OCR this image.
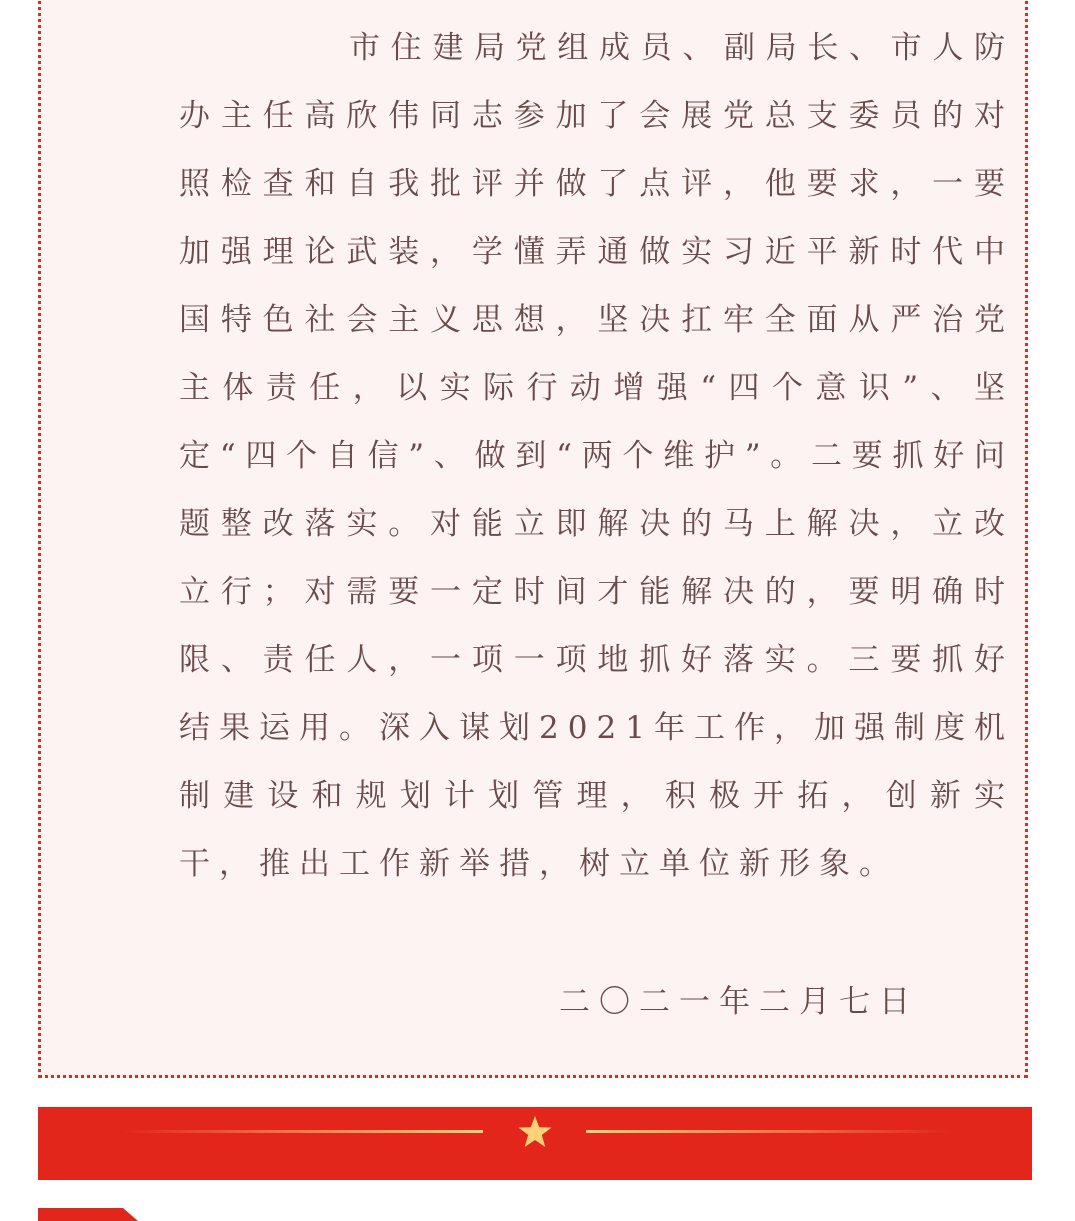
市住建局党组成员、副局长、市人防办主任高欣伟同志参加了会展党总支委员的对照检查和自我批评并做了点评，他要求，一要加强理论武装，学懂弄通做实习近平新时代中国特色社会主义思想，坚决扛牢全面从严治党主体责任，以实际行动增强“四个意识”、坚定“四个自信”、做到“两个维护”。二要抓好问题整改落实。对能立即解决的马上解决，立改立行；对需要一定时间才能解决的，要明确时限、责任人，一项一项地抓好落实。三要抓好结果运用。深入谋划2021年工作，加强制度机制建设和规划计划管理，积极开拓，创新实干，推出工作新举措，树立单位新形象。

二〇二一年二月七日
